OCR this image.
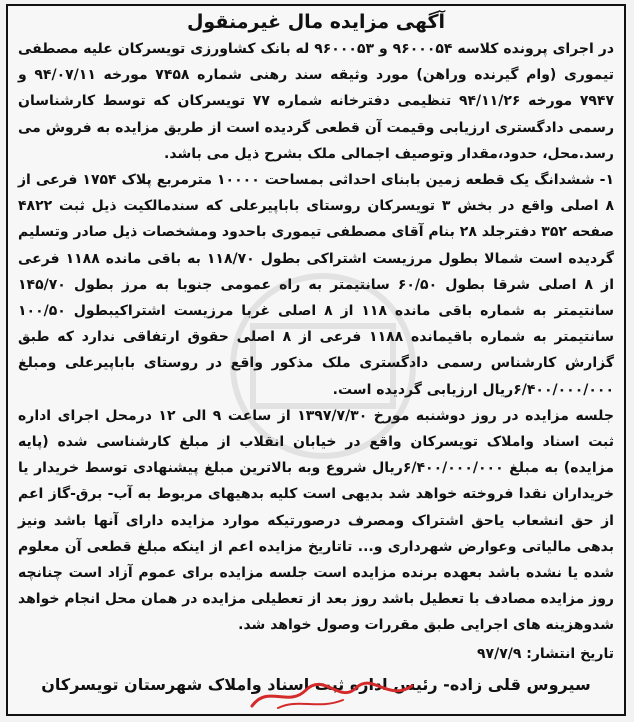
آگهی مزایده مال غیرمنقول

در اجرای پرونده کلاسه ۹۶۰۰۰۵۴ و ۹۶۰۰۰۵۳ له بانک کشاورزی تویسرکان علیه مصطفی تیموری (وام گیرنده وراهن) مورد وثیقه سند رهنی شماره ۷۴۵۸ مورخه ۹۴/۰۷/۱۱ و ۷۹۴۷ مورخه ۹۴/۱۱/۲۶ تنظیمی دفترخانه شماره ۷۷ تویسرکان که توسط کارشناسان رسمی دادگستری ارزیابی وقیمت آن قطعی گردیده است از طریق مزایده به فروش می رسد.محل، حدود،مقدار وتوصیف اجمالی ملک بشرح ذیل می باشد.

۱- ششدانگ یک قطعه زمین بابنای احداثی بمساحت ۱۰۰۰۰ مترمربع پلاک ۱۷۵۴ فرعی از ۸ اصلی واقع در بخش ۳ تویسرکان روستای باباپیرعلی که سندمالکیت ذیل ثبت ۴۸۲۲ صفحه ۳۵۲ دفترجلد ۲۸ بنام آقای مصطفی تیموری باحدود ومشخصات ذیل صادر وتسلیم گردیده است شمالا بطول مرزیست اشتراکی بطول ۱۱۸/۷۰ به باقی مانده ۱۱۸۸ فرعی از ۸ اصلی شرقا بطول ۶۰/۵۰ سانتیمتر به راه عمومی جنوبا به مرز بطول ۱۴۵/۷۰ سانتیمتر به شماره باقی مانده ۱۱۸ از ۸ اصلی غربا مرزیست اشتراکیبطول ۱۰۰/۵۰ سانتیمتر به شماره باقیمانده ۱۱۸۸ فرعی از ۸ اصلی حقوق ارتفاقی ندارد که طبق گزارش کارشناس رسمی دادگستری ملک مذکور واقع در روستای باباپیرعلی ومبلغ ۶/۴۰۰/۰۰۰/۰۰۰ریال ارزیابی گردیده است.

جلسه مزایده در روز دوشنبه مورخ ۱۳۹۷/۷/۳۰ از ساعت ۹ الی ۱۲ درمحل اجرای اداره ثبت اسناد واملاک تویسرکان واقع در خیابان انقلاب از مبلغ کارشناسی شده (پایه مزایده) به مبلغ ۶/۴۰۰/۰۰۰/۰۰۰ریال شروع وبه بالاترین مبلغ پیشنهادی توسط خریدار یا خریداران نقدا فروخته خواهد شد بدیهی است کلیه بدهیهای مربوط به آب- برق-گاز اعم از حق انشعاب یاحق اشتراک ومصرف درصورتیکه موارد مزایده دارای آنها باشد ونیز بدهی مالیاتی وعوارض شهرداری و... تاتاریخ مزایده اعم از اینکه مبلغ قطعی آن معلوم شده یا نشده باشد بعهده برنده مزایده است جلسه مزایده برای عموم آزاد است چنانچه روز مزایده مصادف با تعطیل باشد روز بعد از تعطیلی مزایده در همان محل انجام خواهد شدوهزینه های اجرایی طبق مقررات وصول خواهد شد.

تاریخ انتشار: ۹۷/۷/۹
سیروس قلی زاده- رئیس اداره ثبت اسناد واملاک شهرستان تویسرکان
